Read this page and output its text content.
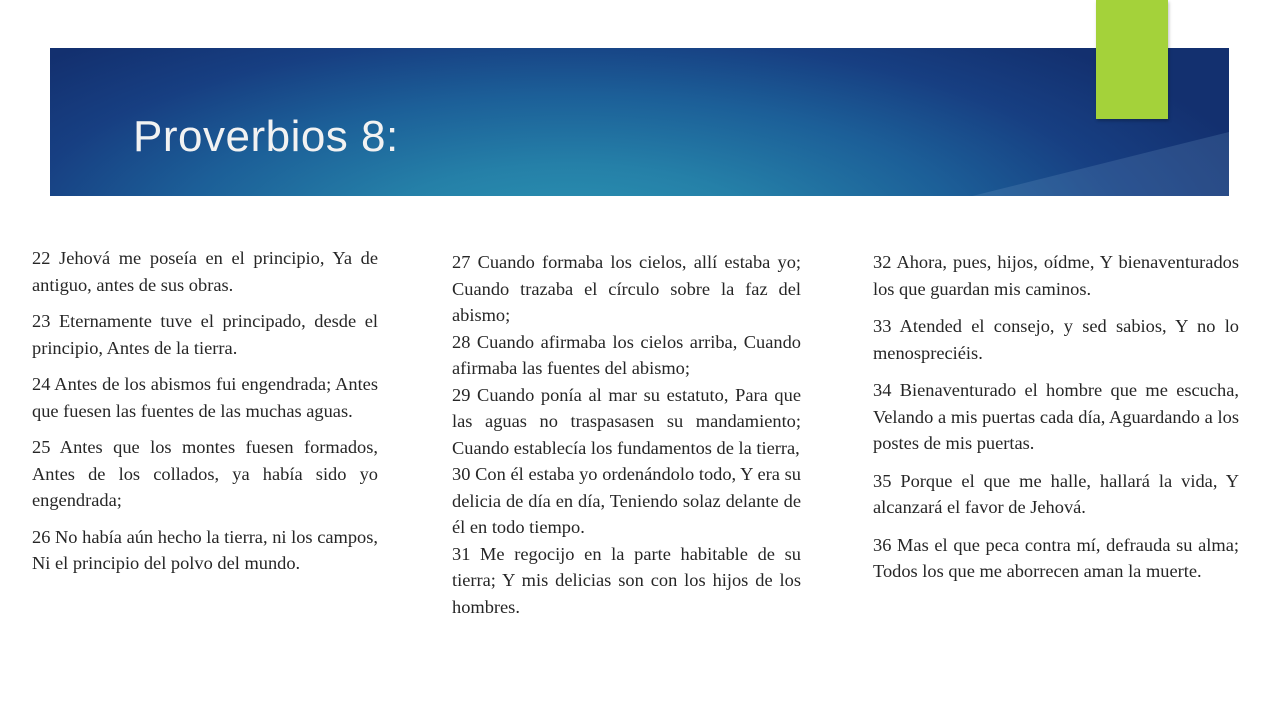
Proverbios 8:

22 Jehová me poseía en el principio, Ya de antiguo, antes de sus obras.

23 Eternamente tuve el principado, desde el principio, Antes de la tierra.

24 Antes de los abismos fui engendrada; Antes que fuesen las fuentes de las muchas aguas.

25 Antes que los montes fuesen formados, Antes de los collados, ya había sido yo engendrada;

26 No había aún hecho la tierra, ni los campos, Ni el principio del polvo del mundo.

27 Cuando formaba los cielos, allí estaba yo; Cuando trazaba el círculo sobre la faz del abismo;

28 Cuando afirmaba los cielos arriba, Cuando afirmaba las fuentes del abismo;

29 Cuando ponía al mar su estatuto, Para que las aguas no traspasasen su mandamiento; Cuando establecía los fundamentos de la tierra,

30 Con él estaba yo ordenándolo todo, Y era su delicia de día en día, Teniendo solaz delante de él en todo tiempo.

31 Me regocijo en la parte habitable de su tierra; Y mis delicias son con los hijos de los hombres.

32 Ahora, pues, hijos, oídme, Y bienaventurados los que guardan mis caminos.

33 Atended el consejo, y sed sabios, Y no lo menospreciéis.

34 Bienaventurado el hombre que me escucha, Velando a mis puertas cada día, Aguardando a los postes de mis puertas.

35 Porque el que me halle, hallará la vida, Y alcanzará el favor de Jehová.

36 Mas el que peca contra mí, defrauda su alma; Todos los que me aborrecen aman la muerte.
